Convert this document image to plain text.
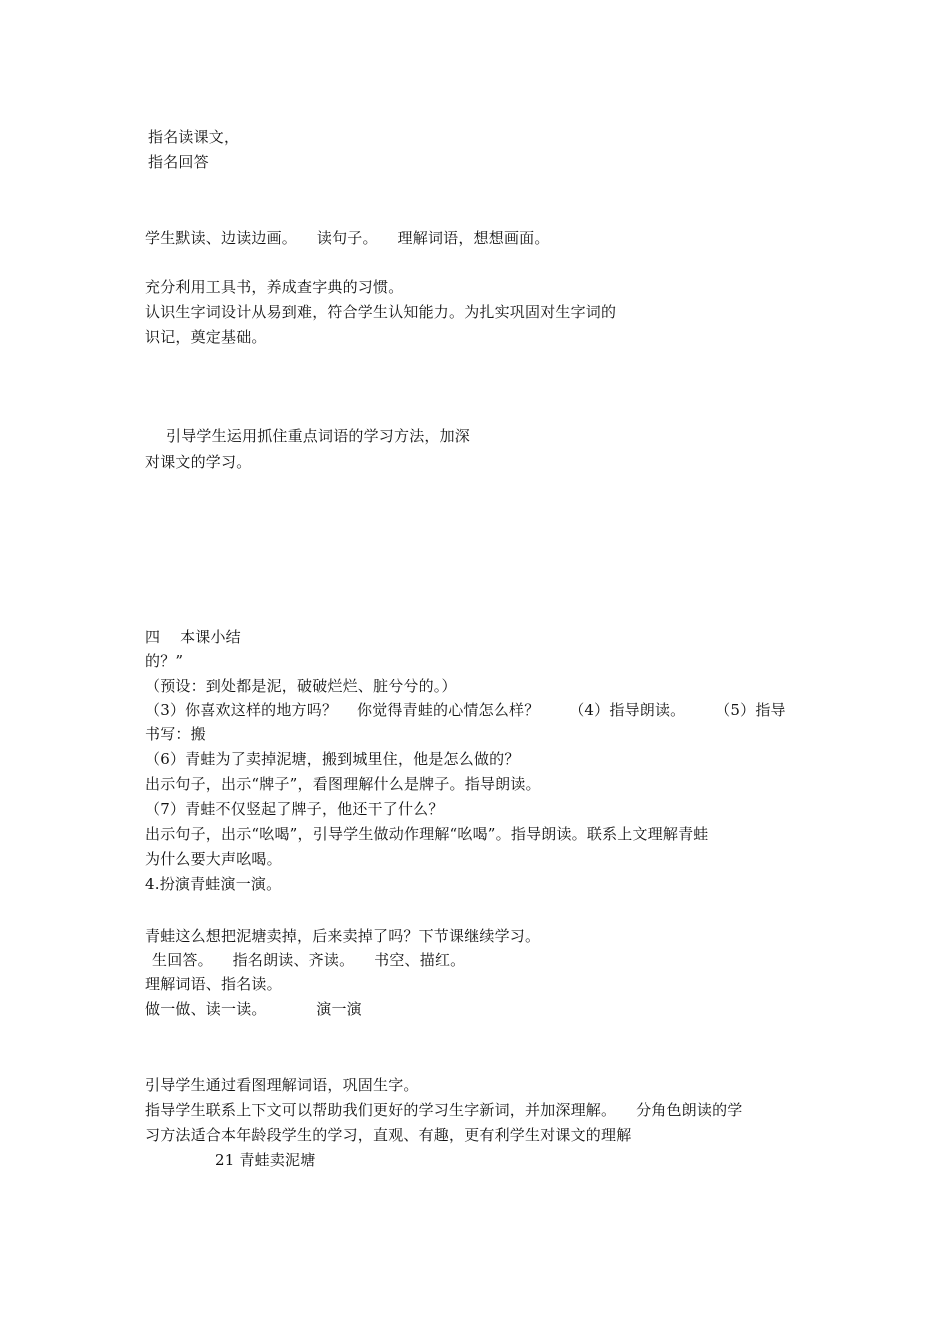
指名读课文，
指名回答
学生默读、边读边画。    读句子。    理解词语，想想画面。
充分利用工具书，养成查字典的习惯。
认识生字词设计从易到难，符合学生认知能力。为扎实巩固对生字词的
识记，奠定基础。
引导学生运用抓住重点词语的学习方法，加深
对课文的学习。
四    本课小结
的？”
（预设：到处都是泥，破破烂烂、脏兮兮的。）
（3）你喜欢这样的地方吗？    你觉得青蛙的心情怎么样？      （4）指导朗读。      （5）指导
书写：搬
（6）青蛙为了卖掉泥塘，搬到城里住，他是怎么做的？
出示句子，出示“牌子”，看图理解什么是牌子。指导朗读。
（7）青蛙不仅竖起了牌子，他还干了什么？
出示句子，出示“吆喝”，引导学生做动作理解“吆喝”。指导朗读。联系上文理解青蛙
为什么要大声吆喝。
4.扮演青蛙演一演。
青蛙这么想把泥塘卖掉，后来卖掉了吗？下节课继续学习。
生回答。    指名朗读、齐读。    书空、描红。
理解词语、指名读。
做一做、读一读。          演一演
引导学生通过看图理解词语，巩固生字。
指导学生联系上下文可以帮助我们更好的学习生字新词，并加深理解。    分角色朗读的学
习方法适合本年龄段学生的学习，直观、有趣，更有利学生对课文的理解
21 青蛙卖泥塘
